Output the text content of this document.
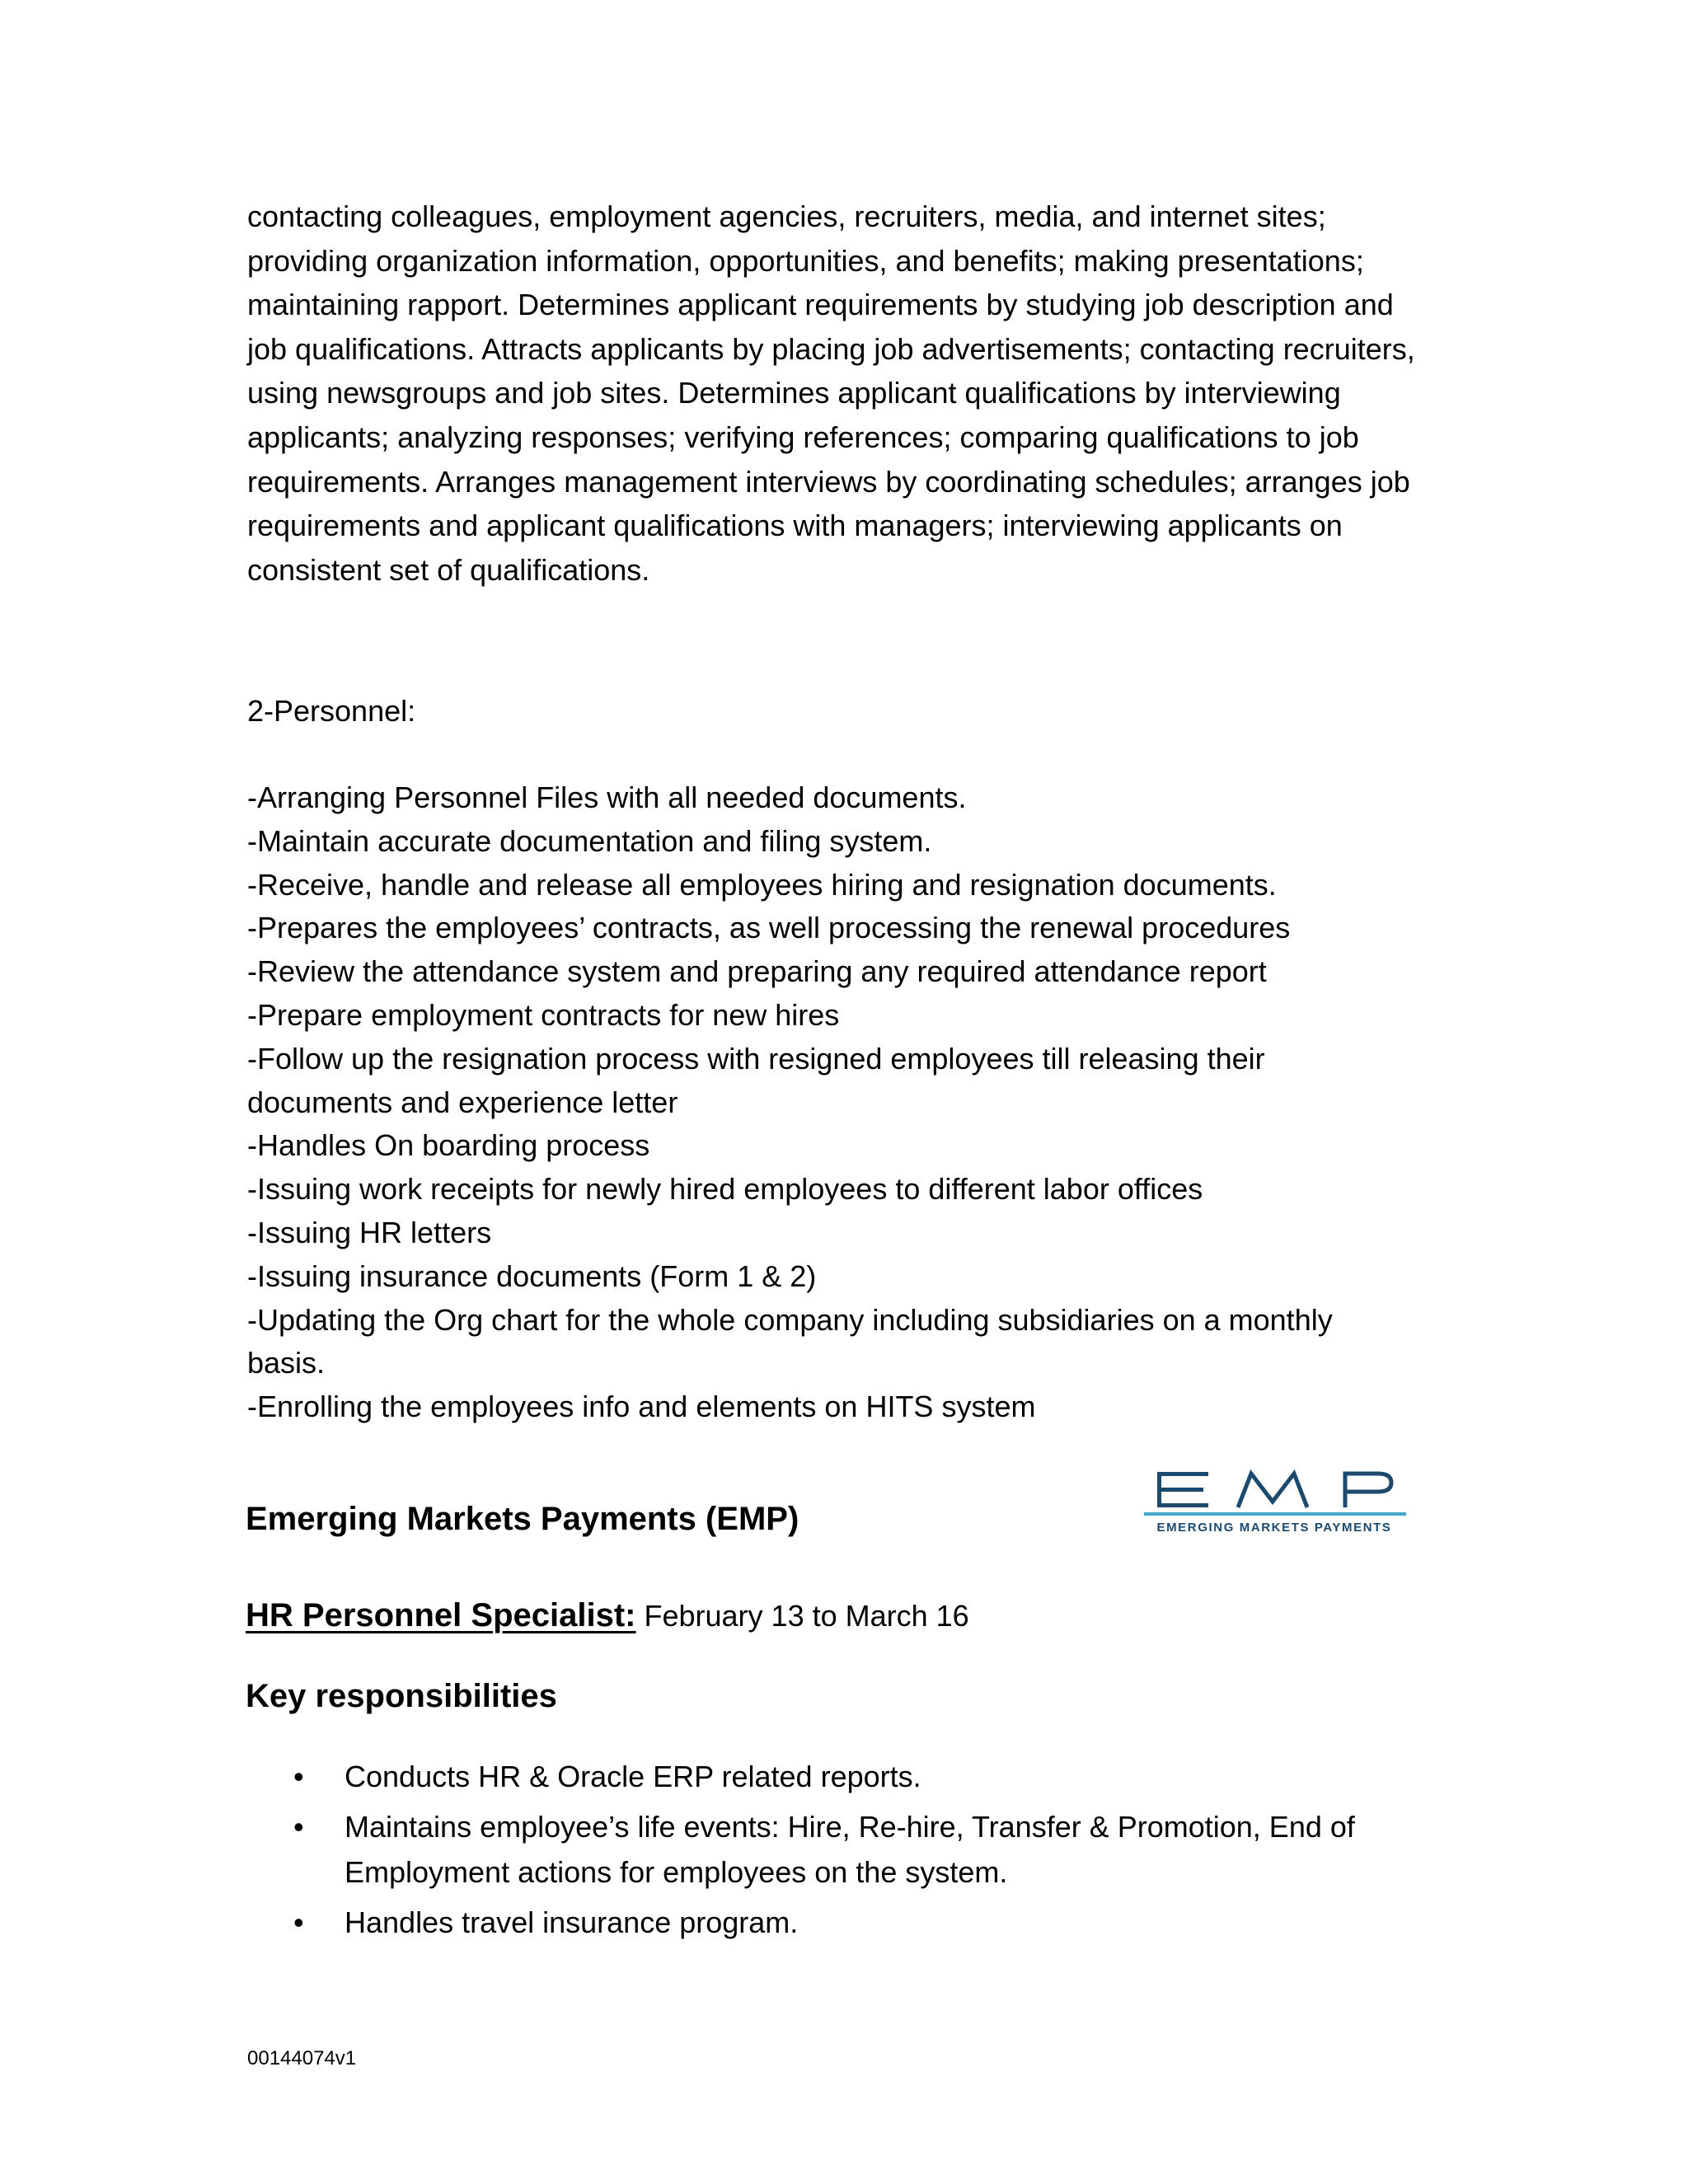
contacting colleagues, employment agencies, recruiters, media, and internet sites; providing organization information, opportunities, and benefits; making presentations; maintaining rapport. Determines applicant requirements by studying job description and job qualifications. Attracts applicants by placing job advertisements; contacting recruiters, using newsgroups and job sites. Determines applicant qualifications by interviewing applicants; analyzing responses; verifying references; comparing qualifications to job requirements. Arranges management interviews by coordinating schedules; arranges job requirements and applicant qualifications with managers; interviewing applicants on consistent set of qualifications.

2-Personnel:

-Arranging Personnel Files with all needed documents.
-Maintain accurate documentation and filing system.
-Receive, handle and release all employees hiring and resignation documents.
-Prepares the employees’ contracts, as well processing the renewal procedures
-Review the attendance system and preparing any required attendance report
-Prepare employment contracts for new hires
-Follow up the resignation process with resigned employees till releasing their documents and experience letter
-Handles On boarding process
-Issuing work receipts for newly hired employees to different labor offices
-Issuing HR letters
-Issuing insurance documents (Form 1 & 2)
-Updating the Org chart for the whole company including subsidiaries on a monthly basis.
-Enrolling the employees info and elements on HITS system
Emerging Markets Payments (EMP)	EMERGING MARKETS PAYMENTS

HR Personnel Specialist: February 13 to March 16

Key responsibilities
• Conducts HR & Oracle ERP related reports.
• Maintains employee’s life events: Hire, Re-hire, Transfer & Promotion, End of Employment actions for employees on the system.
• Handles travel insurance program.

00144074v1
